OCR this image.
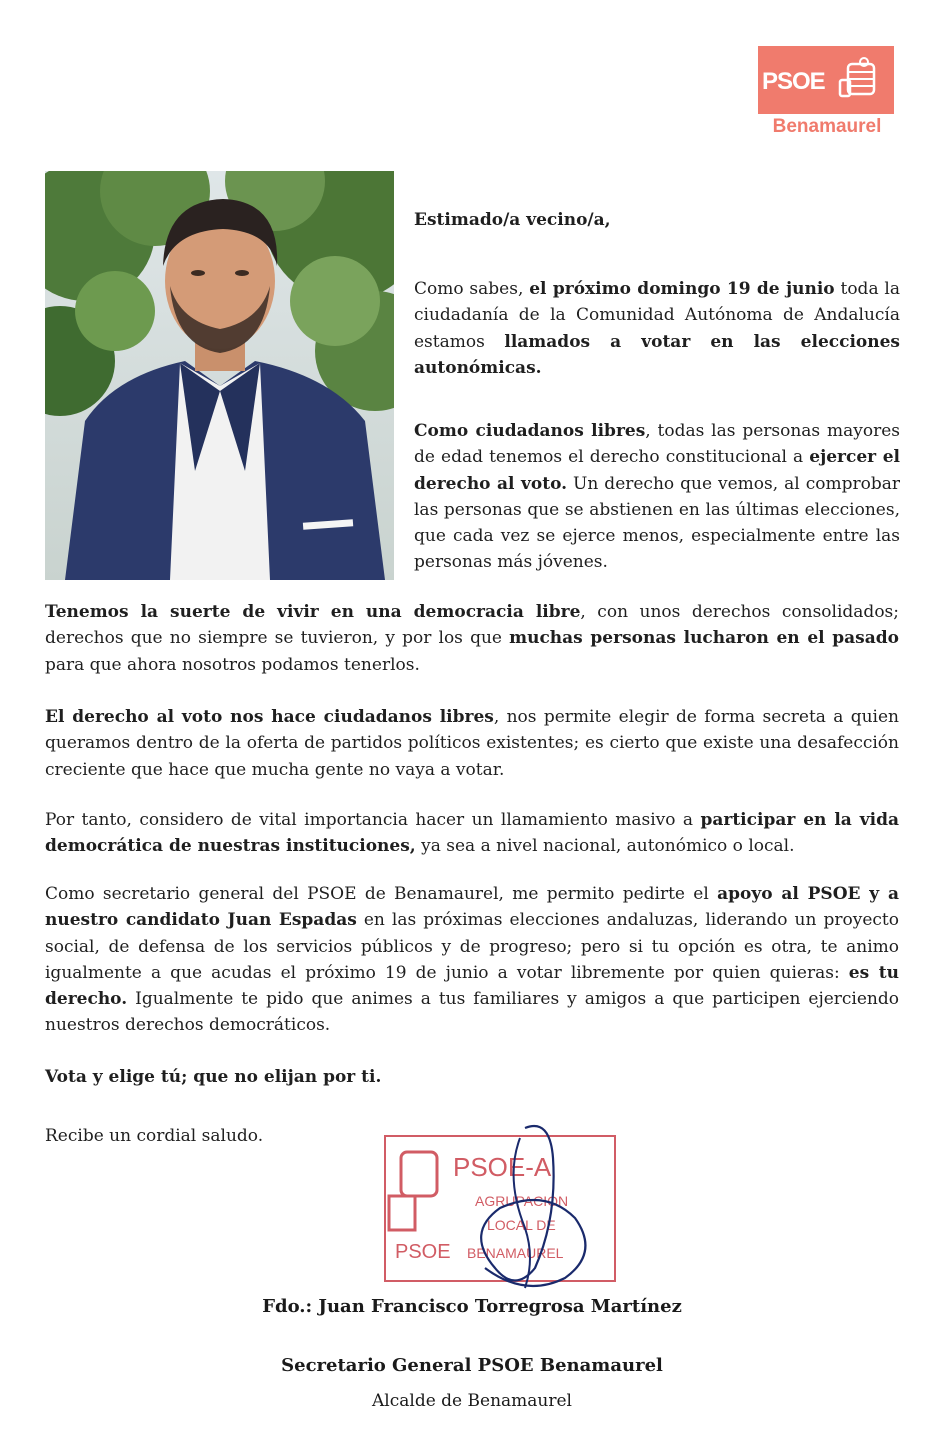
PSOE
Benamaurel
Estimado/a vecino/a,
Como sabes, el próximo domingo 19 de junio toda la ciudadanía de la Comunidad Autónoma de Andalucía estamos llamados a votar en las elecciones autonómicas.
Como ciudadanos libres, todas las personas mayores de edad tenemos el derecho constitucional a ejercer el derecho al voto. Un derecho que vemos, al comprobar las personas que se abstienen en las últimas elecciones, que cada vez se ejerce menos, especialmente entre las personas más jóvenes.
Tenemos la suerte de vivir en una democracia libre, con unos derechos consolidados; derechos que no siempre se tuvieron, y por los que muchas personas lucharon en el pasado para que ahora nosotros podamos tenerlos.
El derecho al voto nos hace ciudadanos libres, nos permite elegir de forma secreta a quien queramos dentro de la oferta de partidos políticos existentes; es cierto que existe una desafección creciente que hace que mucha gente no vaya a votar.
Por tanto, considero de vital importancia hacer un llamamiento masivo a participar en la vida democrática de nuestras instituciones, ya sea a nivel nacional, autonómico o local.
Como secretario general del PSOE de Benamaurel, me permito pedirte el apoyo al PSOE y a nuestro candidato Juan Espadas en las próximas elecciones andaluzas, liderando un proyecto social, de defensa de los servicios públicos y de progreso; pero si tu opción es otra, te animo igualmente a que acudas el próximo 19 de junio a votar libremente por quien quieras: es tu derecho. Igualmente te pido que animes a tus familiares y amigos a que participen ejerciendo nuestros derechos democráticos.
Vota y elige tú; que no elijan por ti.
Recibe un cordial saludo.
PSOE-A
AGRUPACION
LOCAL DE
PSOE BENAMAUREL
Fdo.: Juan Francisco Torregrosa Martínez
Secretario General PSOE Benamaurel
Alcalde de Benamaurel
